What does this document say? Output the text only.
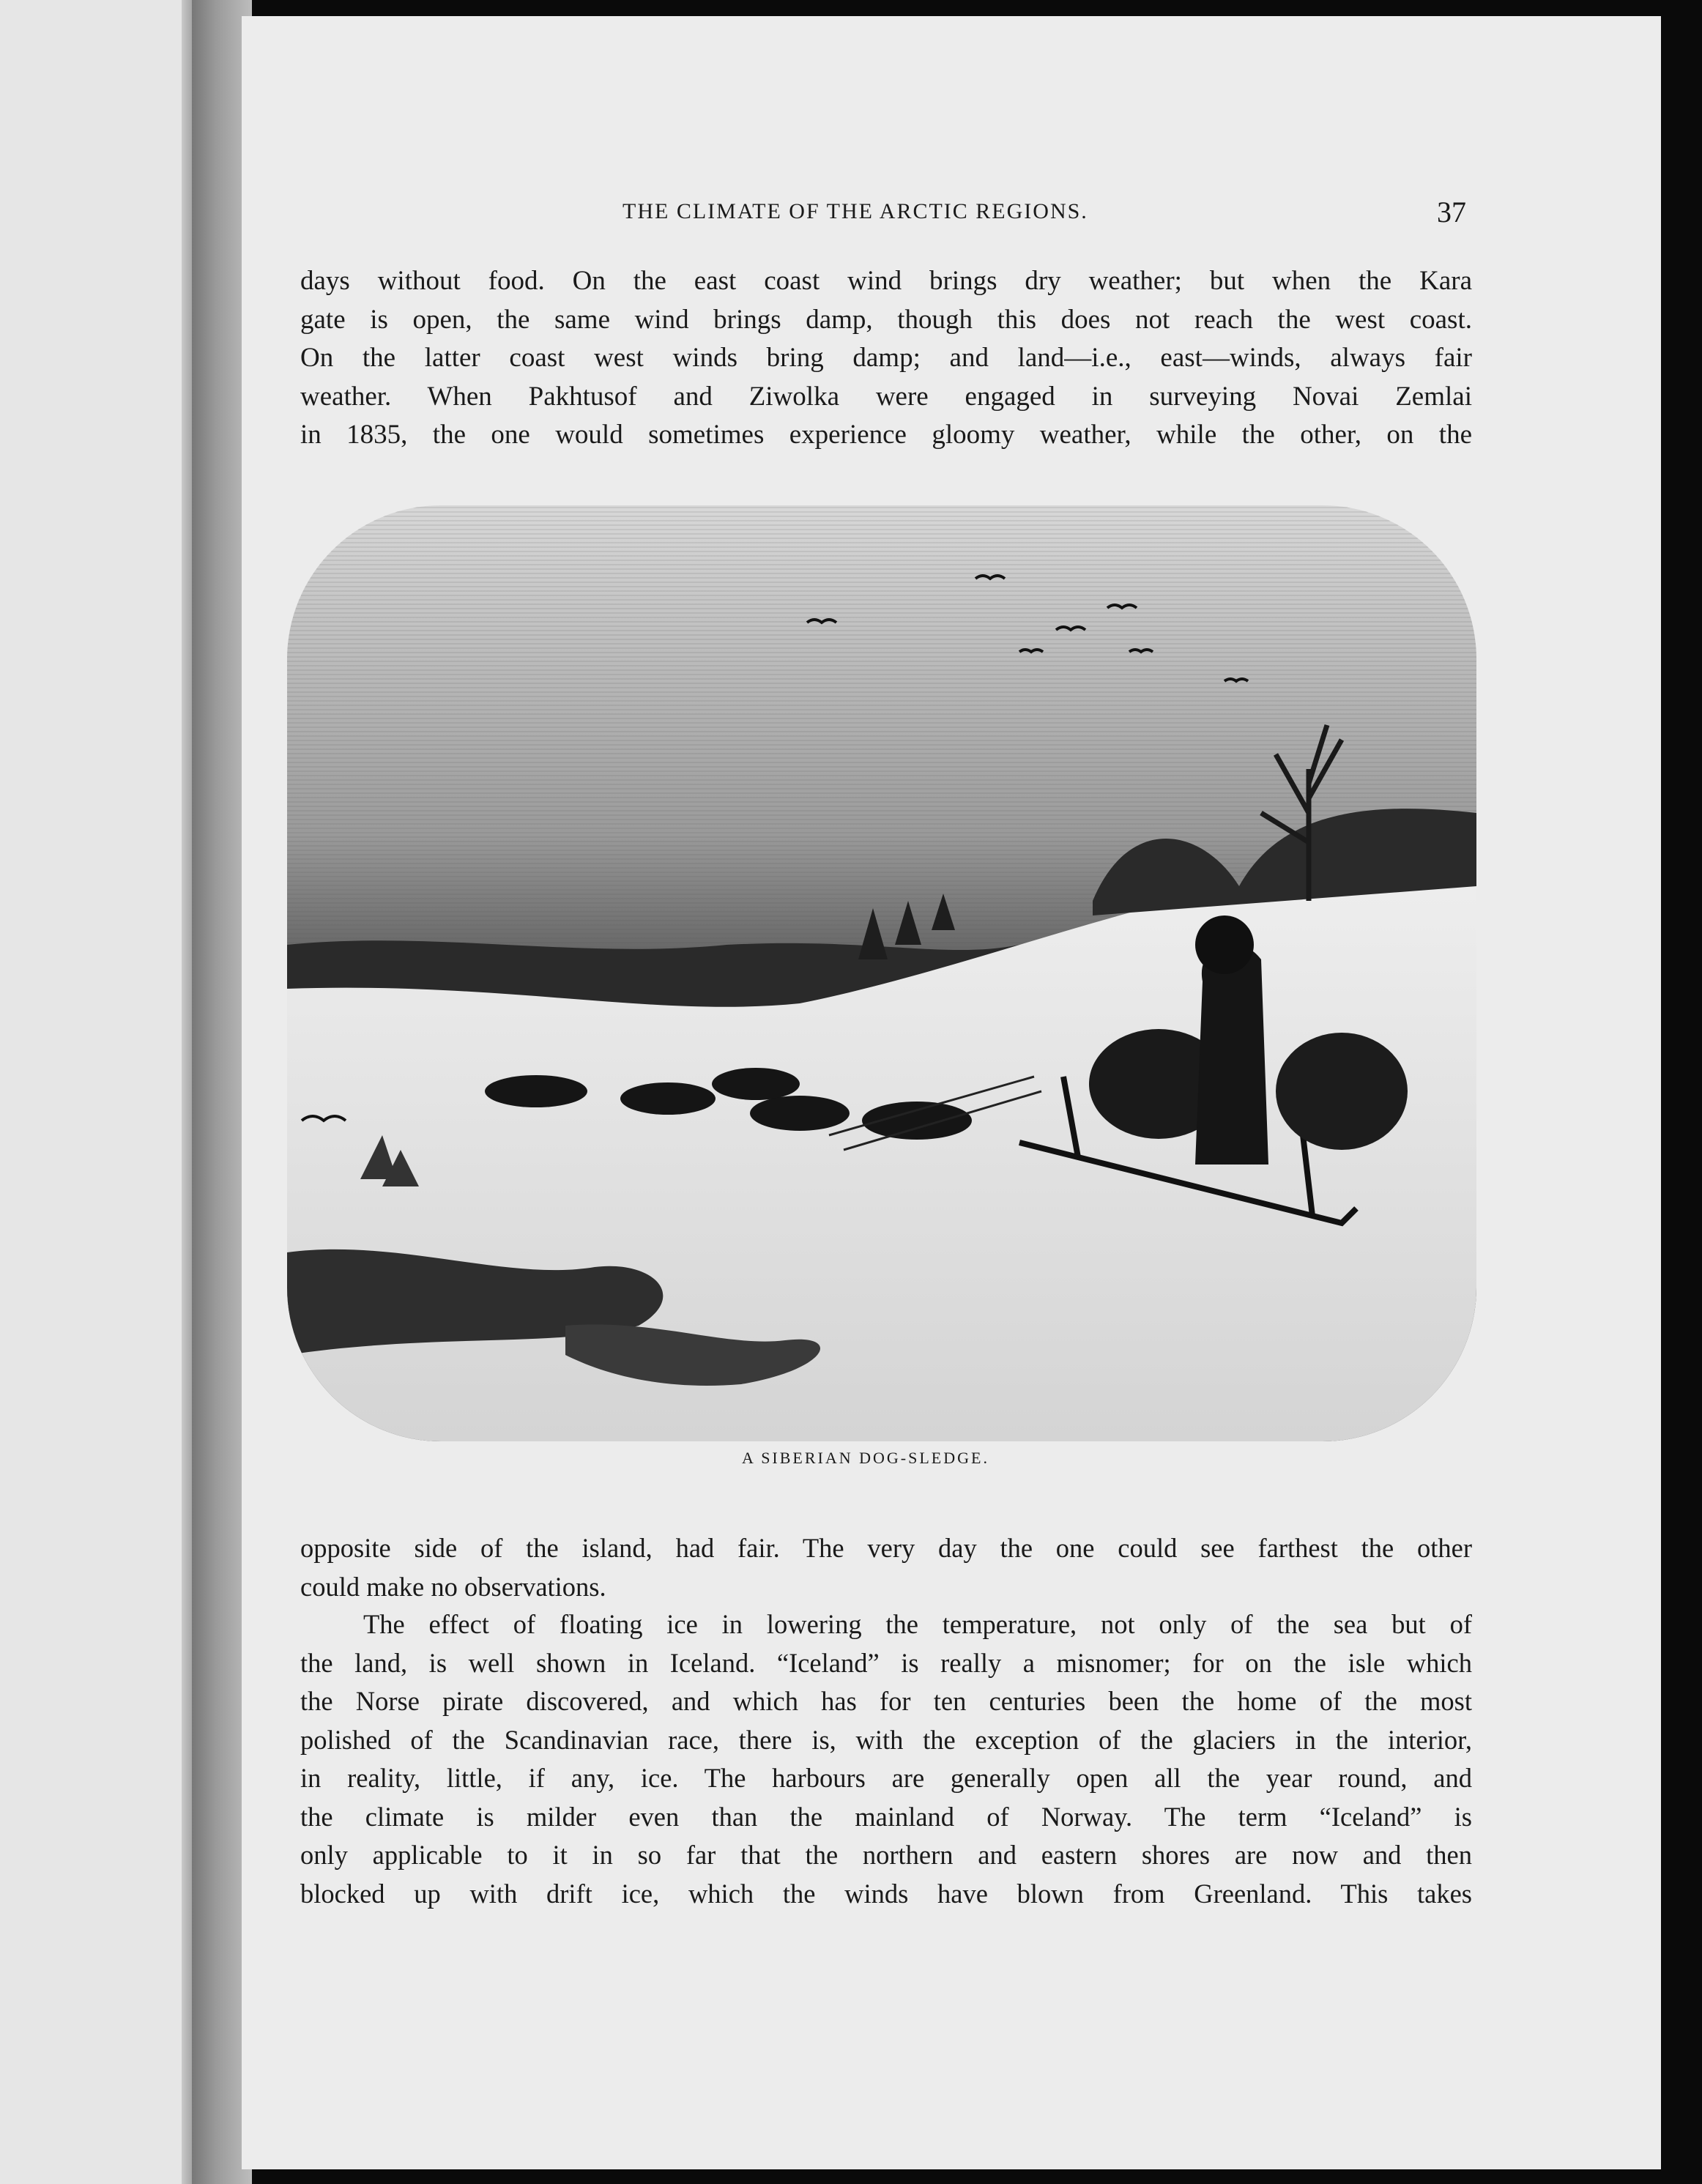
THE CLIMATE OF THE ARCTIC REGIONS.	37
days without food. On the east coast wind brings dry weather; but when the Kara
gate is open, the same wind brings damp, though this does not reach the west coast.
On the latter coast west winds bring damp; and land—i.e., east—winds, always fair
weather. When Pakhtusof and Ziwolka were engaged in surveying Novai Zemlai
in 1835, the one would sometimes experience gloomy weather, while the other, on the
A SIBERIAN DOG-SLEDGE.
opposite side of the island, had fair. The very day the one could see farthest the other
could make no observations.
The effect of floating ice in lowering the temperature, not only of the sea but of
the land, is well shown in Iceland. “Iceland” is really a misnomer; for on the isle which
the Norse pirate discovered, and which has for ten centuries been the home of the most
polished of the Scandinavian race, there is, with the exception of the glaciers in the interior,
in reality, little, if any, ice. The harbours are generally open all the year round, and
the climate is milder even than the mainland of Norway. The term “Iceland” is
only applicable to it in so far that the northern and eastern shores are now and then
blocked up with drift ice, which the winds have blown from Greenland. This takes
